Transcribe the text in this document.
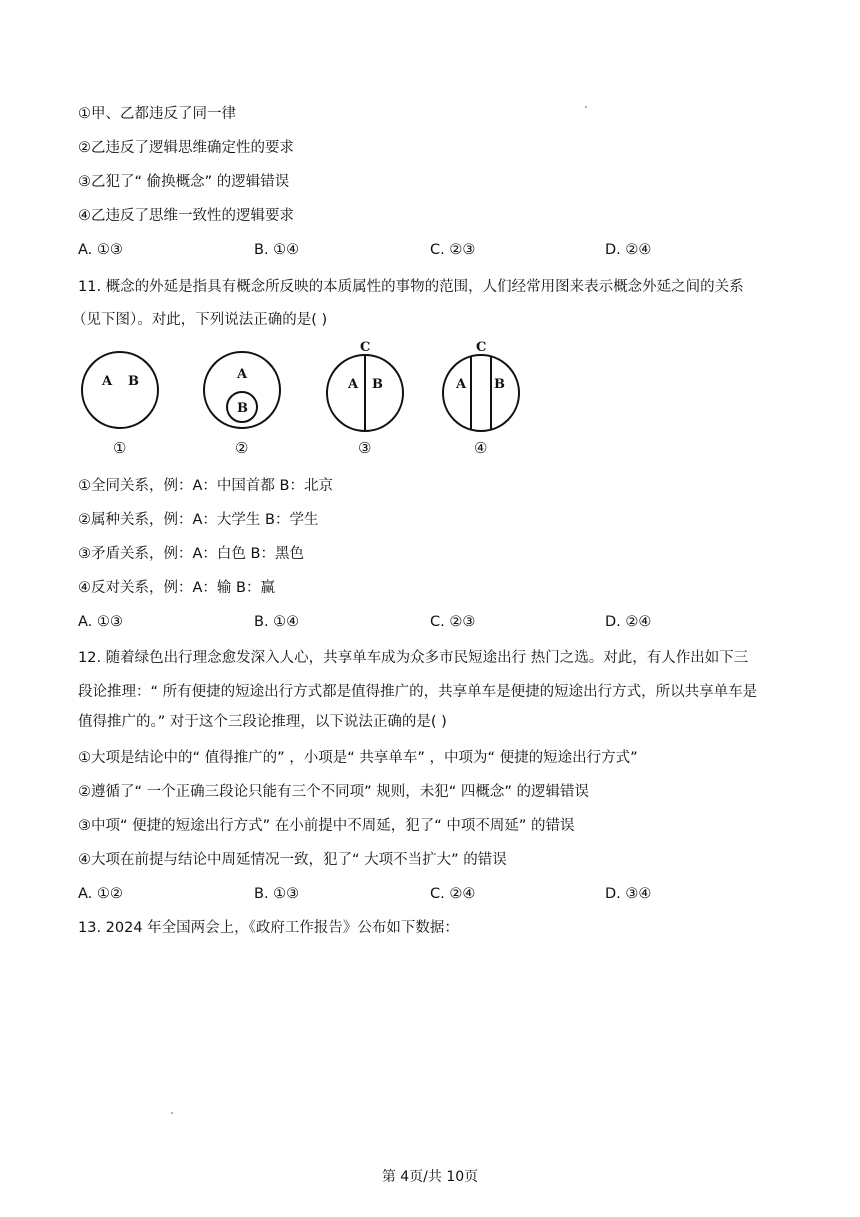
①甲、乙都违反了同一律
②乙违反了逻辑思维确定性的要求
③乙犯了“ 偷换概念” 的逻辑错误
④乙违反了思维一致性的逻辑要求
A. ①③	B. ①④	C. ②③	D. ②④
11. 概念的外延是指具有概念所反映的本质属性的事物的范围，人们经常用图来表示概念外延之间的关系
（见下图）。对此，下列说法正确的是( )
A B
①
A
B
②
C
A B
③
C
A B
④
①全同关系，例：A：中国首都 B：北京
②属种关系，例：A：大学生 B：学生
③矛盾关系，例：A：白色 B：黑色
④反对关系，例：A：输 B：赢
A. ①③	B. ①④	C. ②③	D. ②④
12. 随着绿色出行理念愈发深入人心，共享单车成为众多市民短途出行 热门之选。对此，有人作出如下三
段论推理：“ 所有便捷的短途出行方式都是值得推广的，共享单车是便捷的短途出行方式，所以共享单车是
值得推广的。” 对于这个三段论推理，以下说法正确的是( )
①大项是结论中的“ 值得推广的” ，小项是“ 共享单车” ，中项为“ 便捷的短途出行方式”
②遵循了“ 一个正确三段论只能有三个不同项” 规则，未犯“ 四概念” 的逻辑错误
③中项“ 便捷的短途出行方式” 在小前提中不周延，犯了“ 中项不周延” 的错误
④大项在前提与结论中周延情况一致，犯了“ 大项不当扩大” 的错误
A. ①②	B. ①③	C. ②④	D. ③④
13. 2024 年全国两会上，《政府工作报告》公布如下数据：
第 4页/共 10页
